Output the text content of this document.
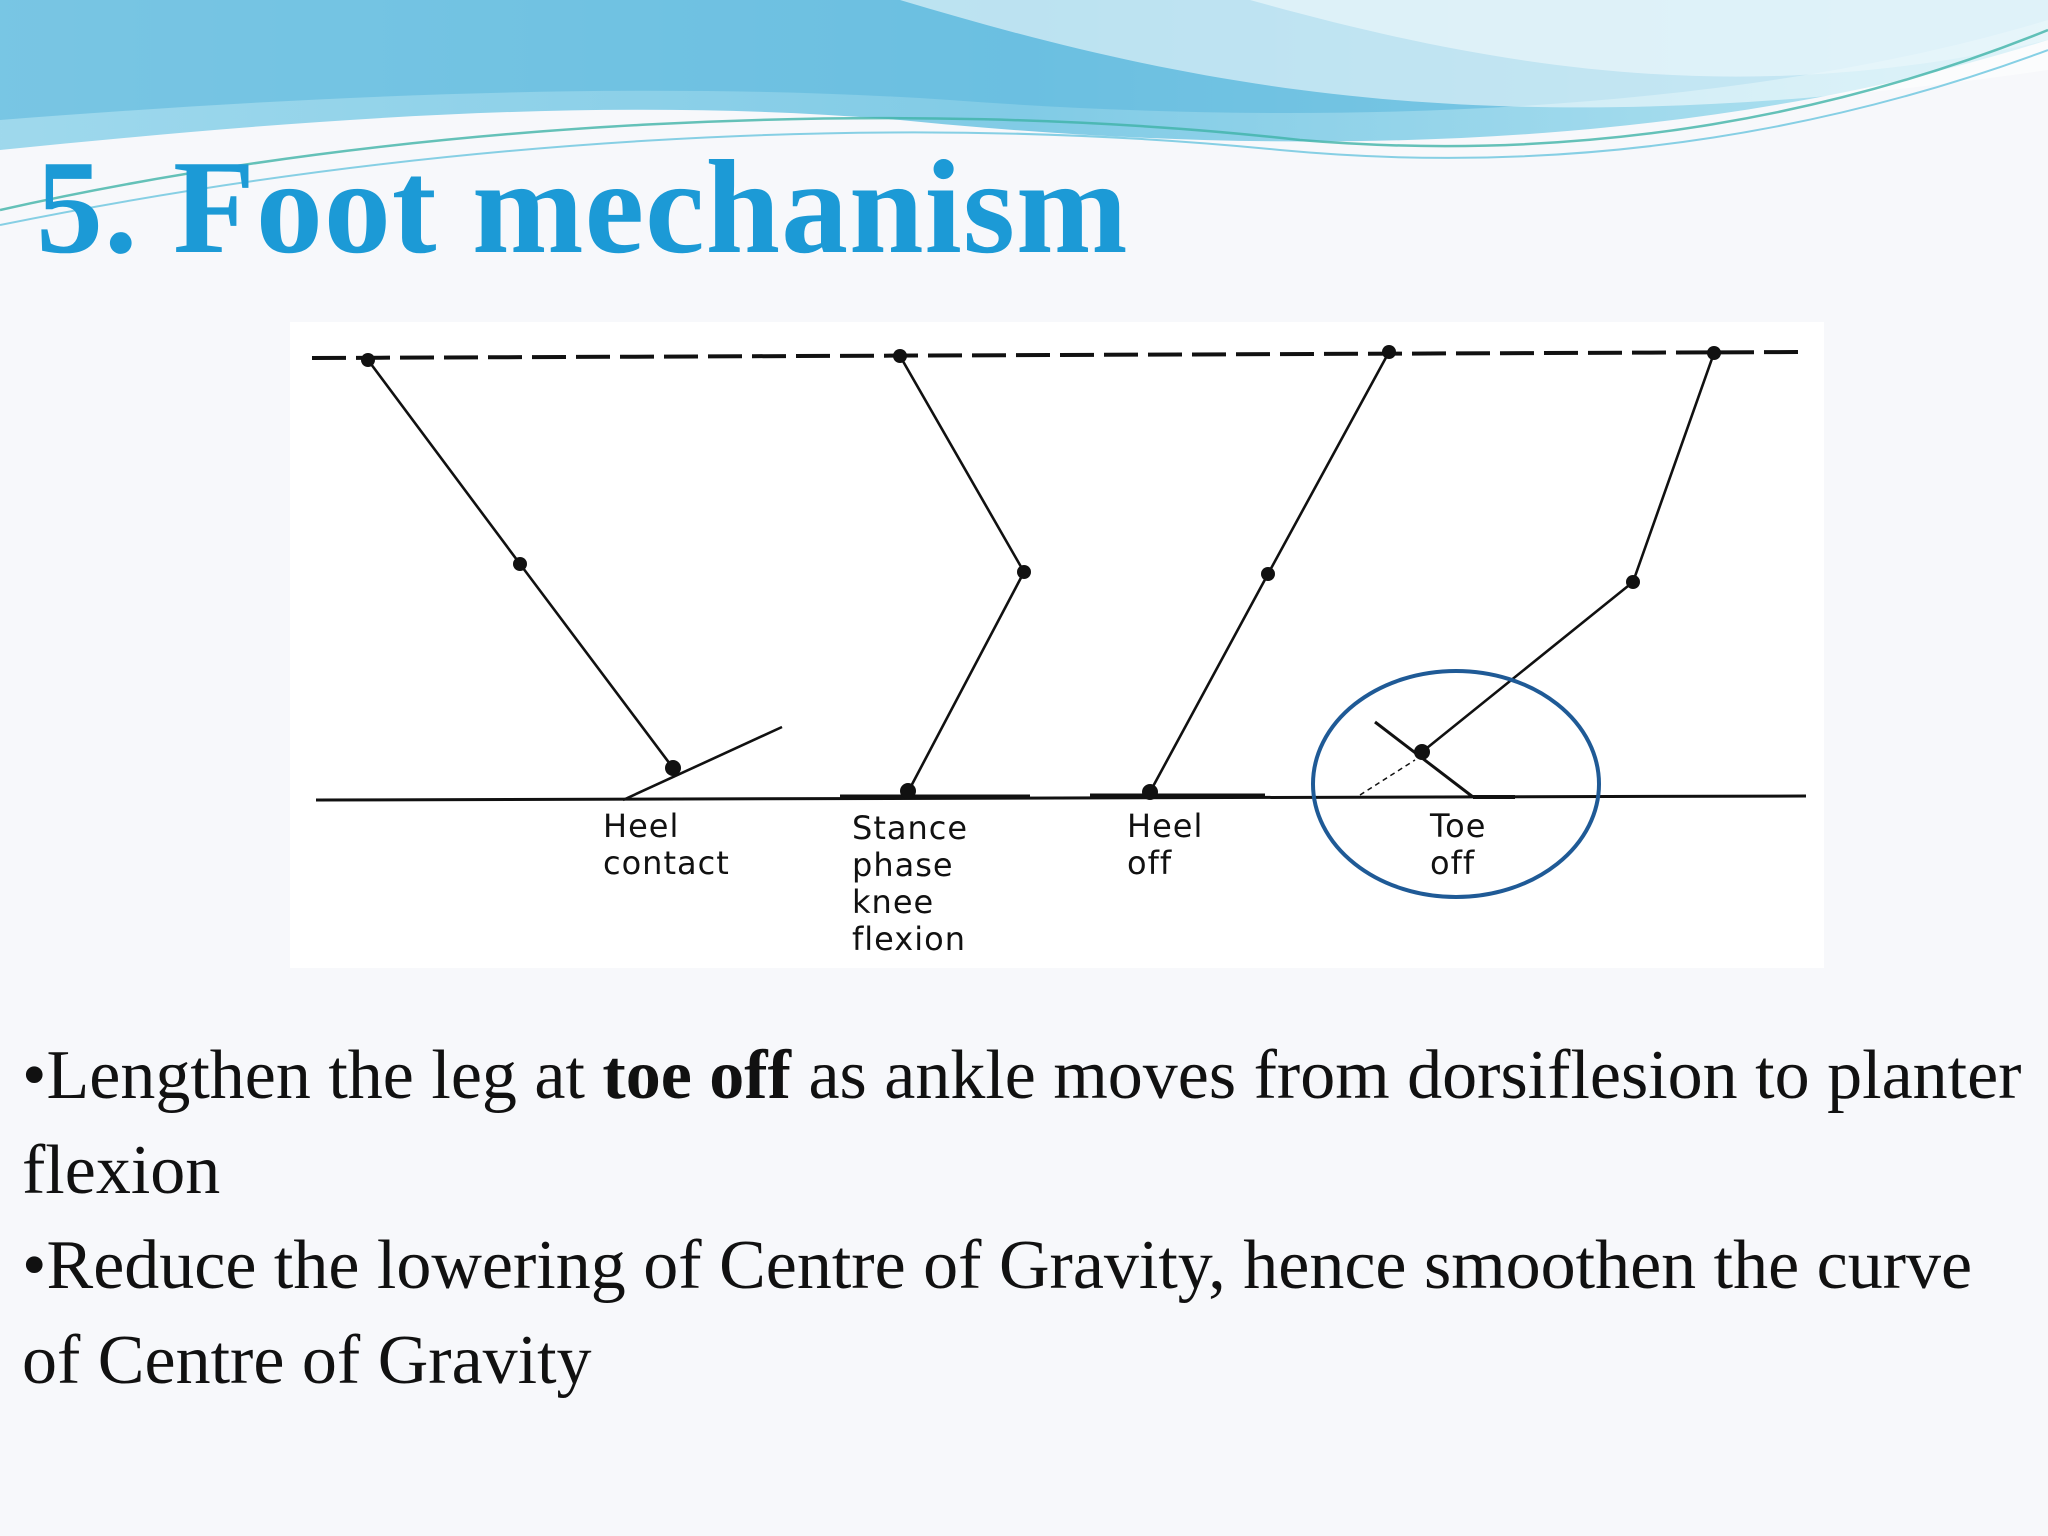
5. Foot mechanism
Heel
contact
Stance
phase
knee
flexion
Heel
off
Toe
off

•Lengthen the leg at toe off as ankle moves from dorsiflesion to planter flexion

•Reduce the lowering of Centre of Gravity, hence smoothen the curve of Centre of Gravity
